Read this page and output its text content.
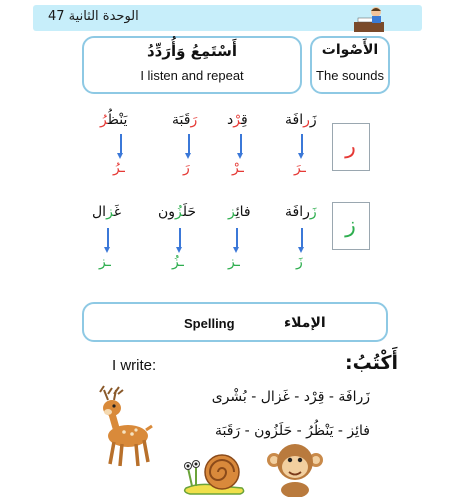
الوحدة الثانية 47
الأَصْوات
The sounds
أَسْتَمِعُ وَأُرَدِّدُ
I listen and repeat
ر
زَرافَة
قِرْد
رَقَبَة
يَنْظُرُ
ـرَ
ـرْ
رَ
ـرُ
ز
زَرافَة
فائِز
حَلَزُون
غَزال
زَ
ـز
ـزُ
ـز
Spelling	الإملاء
I write:	أَكْتُبُ:
زَرافَة - قِرْد - غَزال - بُشْرى
فائِز - يَنْظُرُ - حَلَزُون - رَقَبَة
